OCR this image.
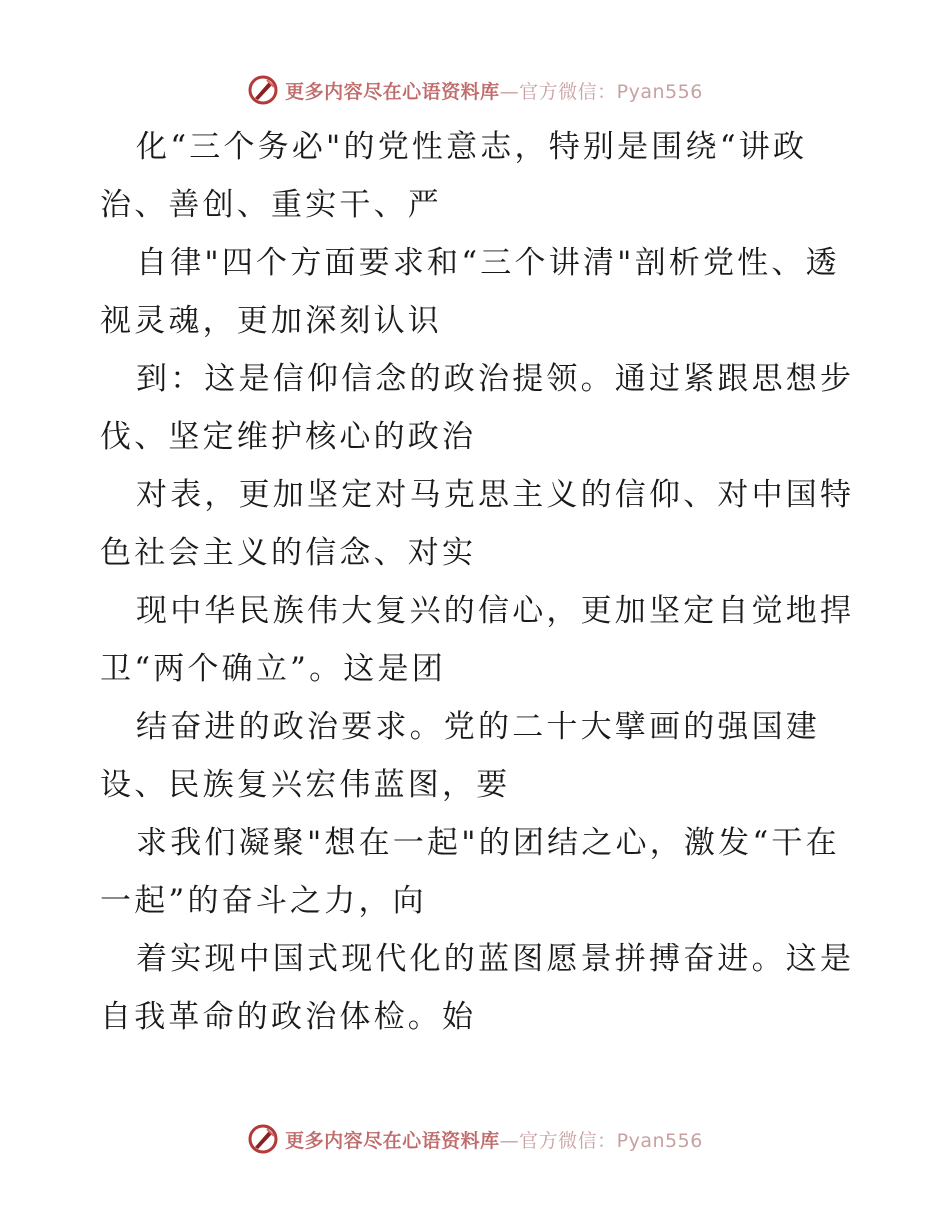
更多内容尽在心语资料库—官方微信：Pyan556
化“三个务必"的党性意志，特别是围绕“讲政
治、善创、重实干、严
自律"四个方面要求和“三个讲清"剖析党性、透
视灵魂，更加深刻认识
到：这是信仰信念的政治提领。通过紧跟思想步
伐、坚定维护核心的政治
对表，更加坚定对马克思主义的信仰、对中国特
色社会主义的信念、对实
现中华民族伟大复兴的信心，更加坚定自觉地捍
卫“两个确立”。这是团
结奋进的政治要求。党的二十大擘画的强国建
设、民族复兴宏伟蓝图，要
求我们凝聚"想在一起"的团结之心，激发“干在
一起”的奋斗之力，向
着实现中国式现代化的蓝图愿景拼搏奋进。这是
自我革命的政治体检。始
更多内容尽在心语资料库—官方微信：Pyan556
